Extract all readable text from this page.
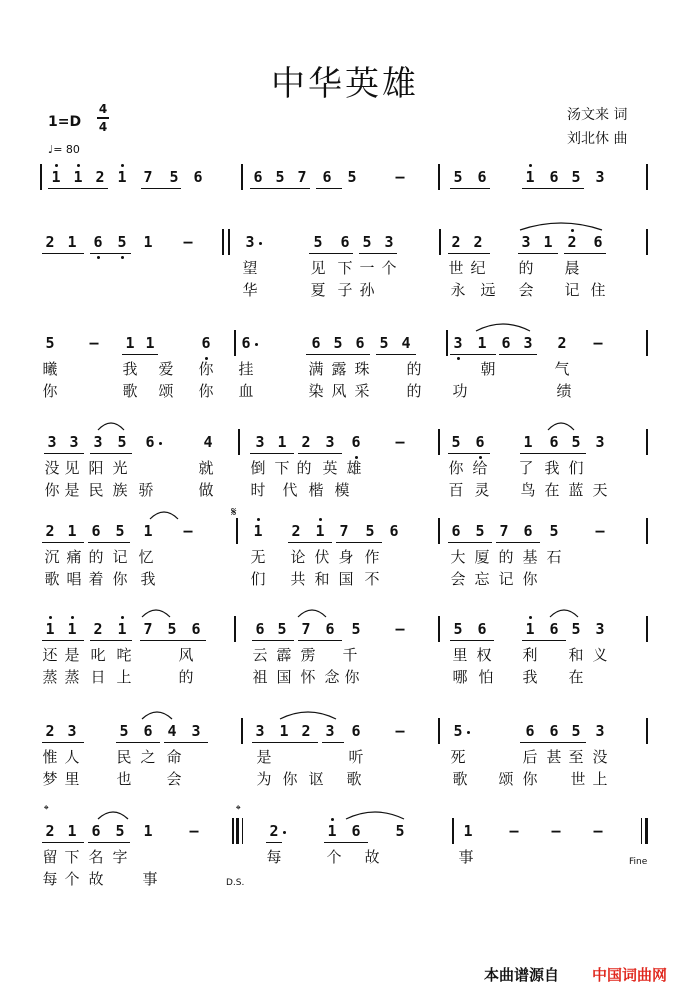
中华英雄
汤文来 词
刘北休 曲
1=D
4
4
♩= 80
1 1 2 1 7 5 6	6 5 7 6 5	–	5 6	1 6 5 3
2 1 6 5 1 –	3	5 6 5 3	2 2	3 1 2 6
望	见 下 一 个	世 纪 的 晨
华	夏 子 孙	永 远 会 记 住
5 – 1 1	6 6	6 5 6 5 4	3 1 6 3 2 –
曦	我 爱 你 挂	满 露 珠 的	朝	气
你	歌 颂 你 血	染 风 采 的 功	绩
3 3 3 5 6	4	3 1 2 3 6 –	5 6	1 6 5 3
没 见 阳 光	就 倒 下 的 英 雄	你 给 了 我 们
你 是 民 族 骄	做 时 代 楷 模	百 灵 鸟 在 蓝 天
2 1 6 5 1 –	1 2 1 7 5 6	6 5 7 6 5 –
沉 痛 的 记 忆	无 论 伏 身 作	大 厦 的 基 石
歌 唱 着 你 我	们 共 和 国 不	会 忘 记 你
1 1 2 1 7 5 6	6 5 7 6 5 –	5 6	1 6 5 3
还 是 叱 咤	风	云 霹 雳 千	里 权 利 和 义
蒸 蒸 日 上	的	祖 国 怀 念 你	哪 怕 我 在
2 3	5 6 4 3	3 1 2 3 6 –	5	6 6 5 3
惟 人 民 之 命	是	听	死	后 甚 至 没
梦 里 也 会	为 你 讴 歌	歌 颂 你 世 上
2 1 6 5 1 –	2	1 6 5	1 – – –
留 下 名 字	每	个 故	事
每 个 故	事
𝄋
𝄌	𝄌
Fine
D.S.
本曲谱源自 中国词曲网
